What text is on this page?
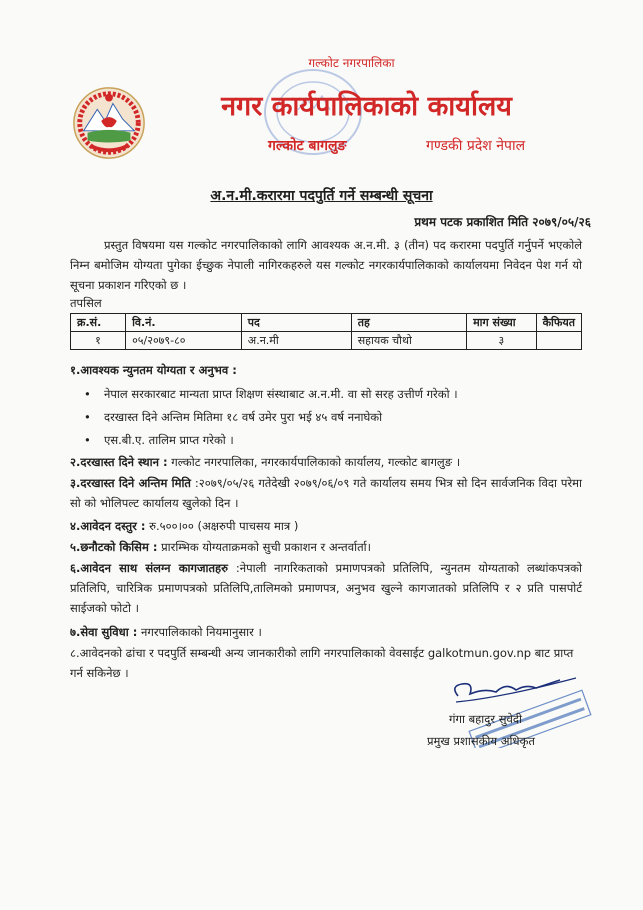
गल्कोट नगरपालिका
नगर कार्यपालिकाको कार्यालय
गल्कोट बागलुङ	गण्डकी प्रदेश नेपाल
अ.न.मी.करारमा पदपुर्ति गर्ने सम्बन्धी सूचना
प्रथम पटक प्रकाशित मिति २०७९/०५/२६
प्रस्तुत विषयमा यस गल्कोट नगरपालिकाको लागि आवश्यक अ.न.मी. ३ (तीन) पद करारमा पदपुर्ति गर्नुपर्ने भएकोले निम्न बमोजिम योग्यता पुगेका ईच्छुक नेपाली नागिरकहरुले यस गल्कोट नगरकार्यपालिकाको कार्यालयमा निवेदन पेश गर्न यो सूचना प्रकाशन गरिएको छ ।
तपसिल
क्र.सं.	वि.नं.	पद	तह	माग संख्या	कैफियत
१	०५/२०७९-८०	अ.न.मी	सहायक चौथो	३	
१.आवश्यक न्युनतम योग्यता र अनुभव :
• नेपाल सरकारबाट मान्यता प्राप्त शिक्षण संस्थाबाट अ.न.मी. वा सो सरह उत्तीर्ण गरेको ।
• दरखास्त दिने अन्तिम मितिमा १८ वर्ष उमेर पुरा भई ४५ वर्ष ननाघेको
• एस.बी.ए. तालिम प्राप्त गरेको ।
२.दरखास्त दिने स्थान : गल्कोट नगरपालिका, नगरकार्यपालिकाको कार्यालय, गल्कोट बागलुङ ।
३.दरखास्त दिने अन्तिम मिति :२०७९/०५/२६ गतेदेखी २०७९/०६/०९ गते कार्यालय समय भित्र सो दिन सार्वजनिक विदा परेमा सो को भोलिपल्ट कार्यालय खुलेको दिन ।
४.आवेदन दस्तुर : रु.५००।०० (अक्षरुपी पाचसय मात्र )
५.छनौटको किसिम : प्रारम्भिक योग्यताक्रमको सुची प्रकाशन र अन्तर्वार्ता।
६.आवेदन साथ संलग्न कागजातहरु :नेपाली नागरिकताको प्रमाणपत्रको प्रतिलिपि, न्युनतम योग्यताको लब्धांकपत्रको प्रतिलिपि, चारित्रिक प्रमाणपत्रको प्रतिलिपि,तालिमको प्रमाणपत्र, अनुभव खुल्ने कागजातको प्रतिलिपि र २ प्रति पासपोर्ट साईजको फोटो ।
७.सेवा सुविधा : नगरपालिकाको नियमानुसार ।
८.आवेदनको ढांचा र पदपुर्ति सम्बन्धी अन्य जानकारीको लागि नगरपालिकाको वेवसाईट galkotmun.gov.np बाट प्राप्त गर्न सकिनेछ ।
गंगा बहादुर सुवेदी
प्रमुख प्रशासकीय अधिकृत
